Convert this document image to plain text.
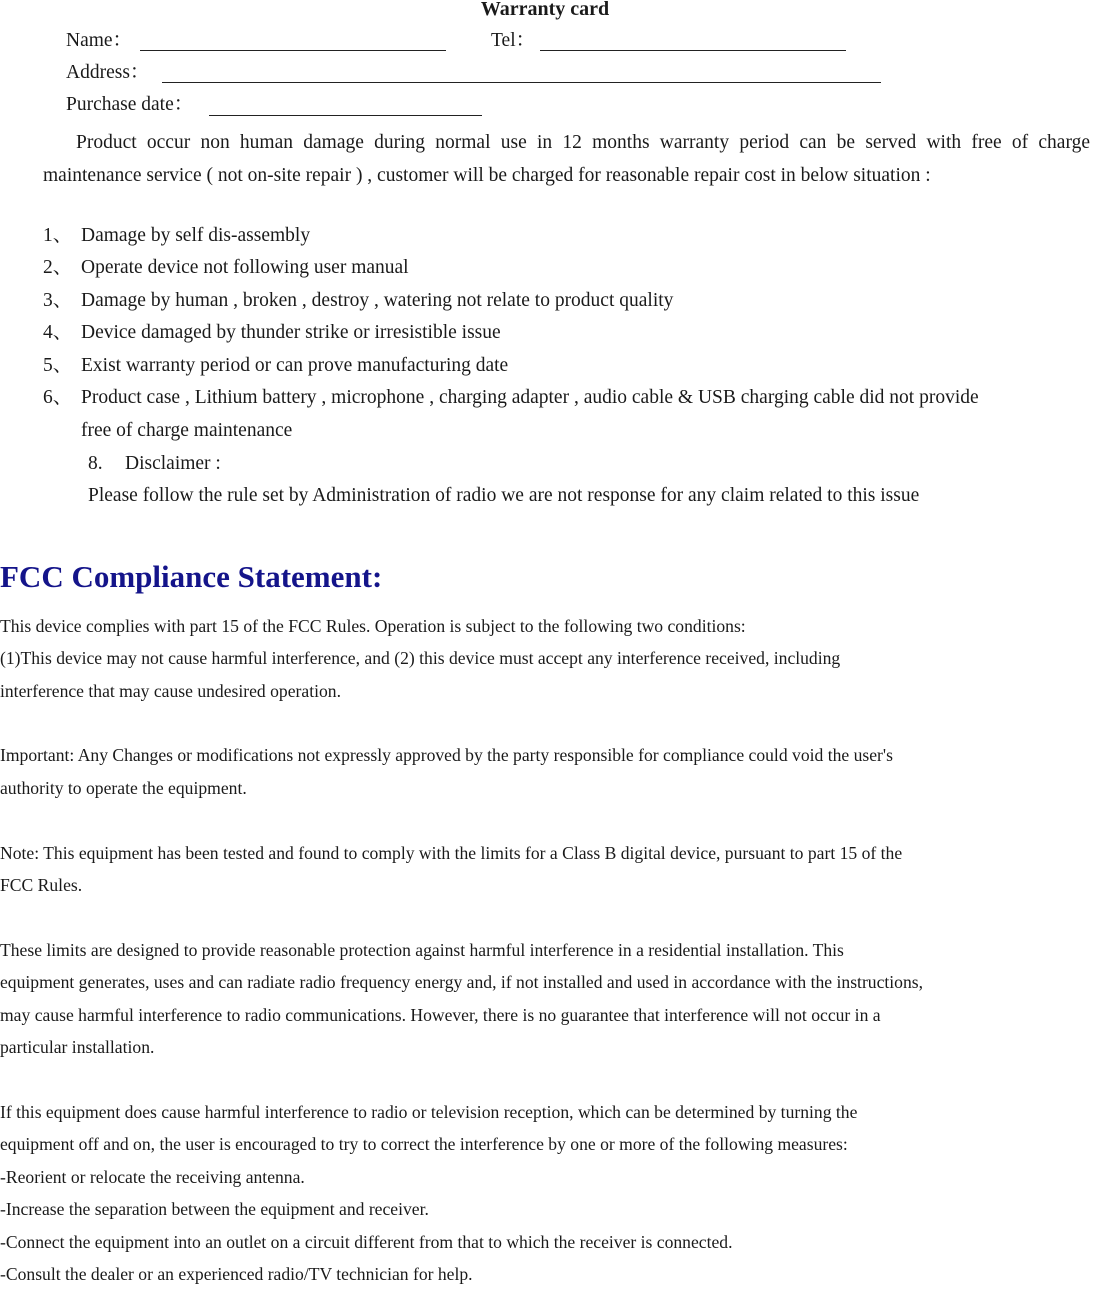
Warranty card
Name：	Tel：
Address：
Purchase date：
Product occur non human damage during normal use in 12 months warranty period can be served with free of charge maintenance service ( not on-site repair ) , customer will be charged for reasonable repair cost in below situation :
1、 Damage by self dis-assembly
2、 Operate device not following user manual
3、 Damage by human , broken , destroy , watering not relate to product quality
4、 Device damaged by thunder strike or irresistible issue
5、 Exist warranty period or can prove manufacturing date
6、 Product case , Lithium battery , microphone , charging adapter , audio cable & USB charging cable did not provide
free of charge maintenance
8. Disclaimer :
Please follow the rule set by Administration of radio we are not response for any claim related to this issue
FCC Compliance Statement:
This device complies with part 15 of the FCC Rules. Operation is subject to the following two conditions:
(1)This device may not cause harmful interference, and (2) this device must accept any interference received, including
interference that may cause undesired operation.
Important: Any Changes or modifications not expressly approved by the party responsible for compliance could void the user's
authority to operate the equipment.
Note: This equipment has been tested and found to comply with the limits for a Class B digital device, pursuant to part 15 of the
FCC Rules.
These limits are designed to provide reasonable protection against harmful interference in a residential installation. This
equipment generates, uses and can radiate radio frequency energy and, if not installed and used in accordance with the instructions,
may cause harmful interference to radio communications. However, there is no guarantee that interference will not occur in a
particular installation.
If this equipment does cause harmful interference to radio or television reception, which can be determined by turning the
equipment off and on, the user is encouraged to try to correct the interference by one or more of the following measures:
-Reorient or relocate the receiving antenna.
-Increase the separation between the equipment and receiver.
-Connect the equipment into an outlet on a circuit different from that to which the receiver is connected.
-Consult the dealer or an experienced radio/TV technician for help.
